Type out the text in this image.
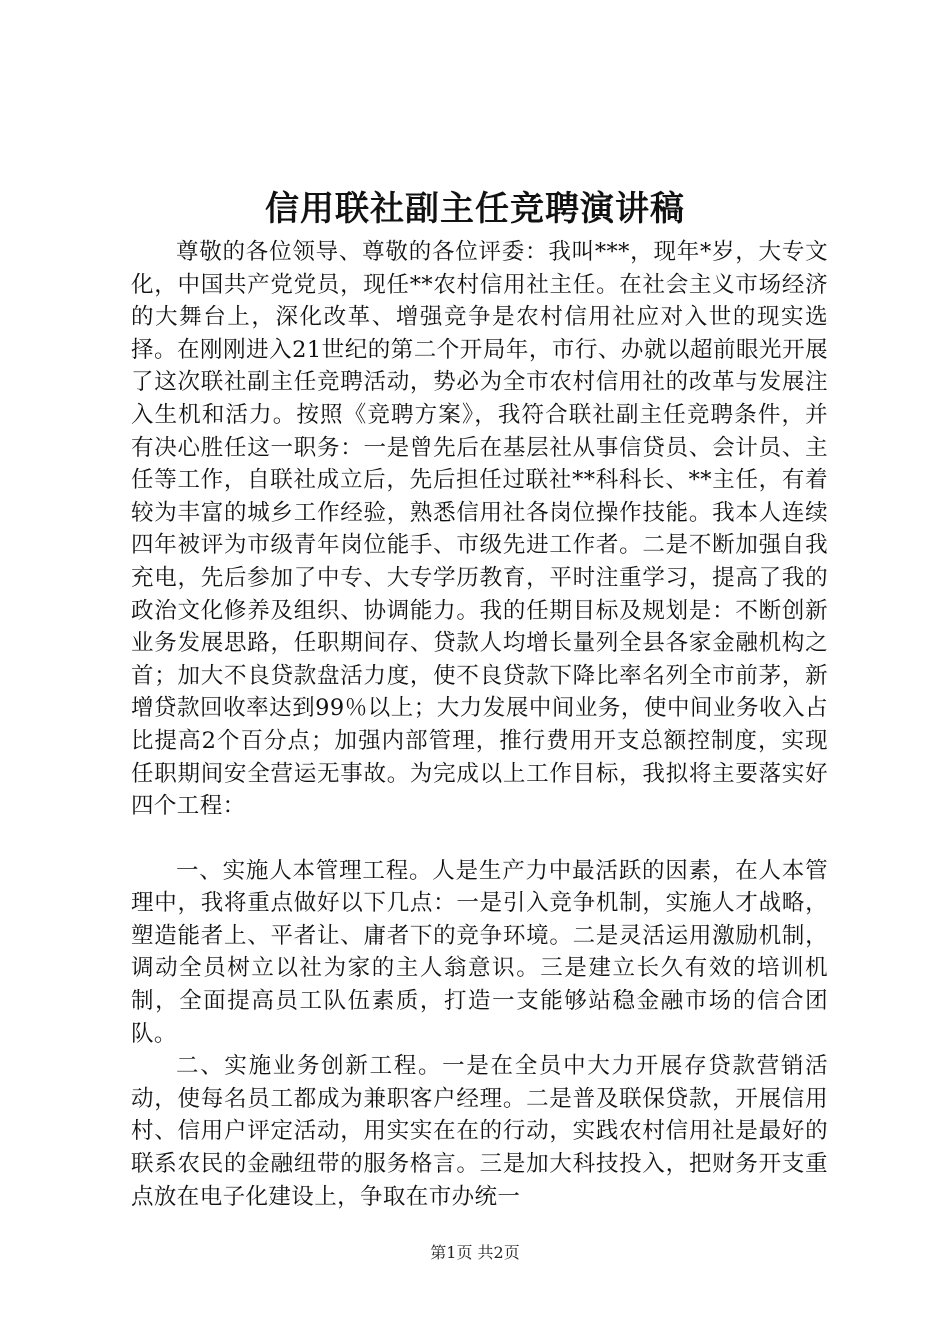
信用联社副主任竞聘演讲稿

尊敬的各位领导、尊敬的各位评委：我叫***，现年*岁，大专文化，中国共产党党员，现任**农村信用社主任。在社会主义市场经济的大舞台上，深化改革、增强竞争是农村信用社应对入世的现实选择。在刚刚进入21世纪的第二个开局年，市行、办就以超前眼光开展了这次联社副主任竞聘活动，势必为全市农村信用社的改革与发展注入生机和活力。按照《竞聘方案》，我符合联社副主任竞聘条件，并有决心胜任这一职务：一是曾先后在基层社从事信贷员、会计员、主任等工作，自联社成立后，先后担任过联社**科科长、**主任，有着较为丰富的城乡工作经验，熟悉信用社各岗位操作技能。我本人连续四年被评为市级青年岗位能手、市级先进工作者。二是不断加强自我充电，先后参加了中专、大专学历教育，平时注重学习，提高了我的政治文化修养及组织、协调能力。我的任期目标及规划是：不断创新业务发展思路，任职期间存、贷款人均增长量列全县各家金融机构之首；加大不良贷款盘活力度，使不良贷款下降比率名列全市前茅，新增贷款回收率达到99％以上；大力发展中间业务，使中间业务收入占比提高2个百分点；加强内部管理，推行费用开支总额控制度，实现任职期间安全营运无事故。为完成以上工作目标，我拟将主要落实好四个工程：

一、实施人本管理工程。人是生产力中最活跃的因素，在人本管理中，我将重点做好以下几点：一是引入竞争机制，实施人才战略，塑造能者上、平者让、庸者下的竞争环境。二是灵活运用激励机制，调动全员树立以社为家的主人翁意识。三是建立长久有效的培训机制，全面提高员工队伍素质，打造一支能够站稳金融市场的信合团队。

二、实施业务创新工程。一是在全员中大力开展存贷款营销活动，使每名员工都成为兼职客户经理。二是普及联保贷款，开展信用村、信用户评定活动，用实实在在的行动，实践农村信用社是最好的联系农民的金融纽带的服务格言。三是加大科技投入，把财务开支重点放在电子化建设上，争取在市办统一

第1页 共2页
